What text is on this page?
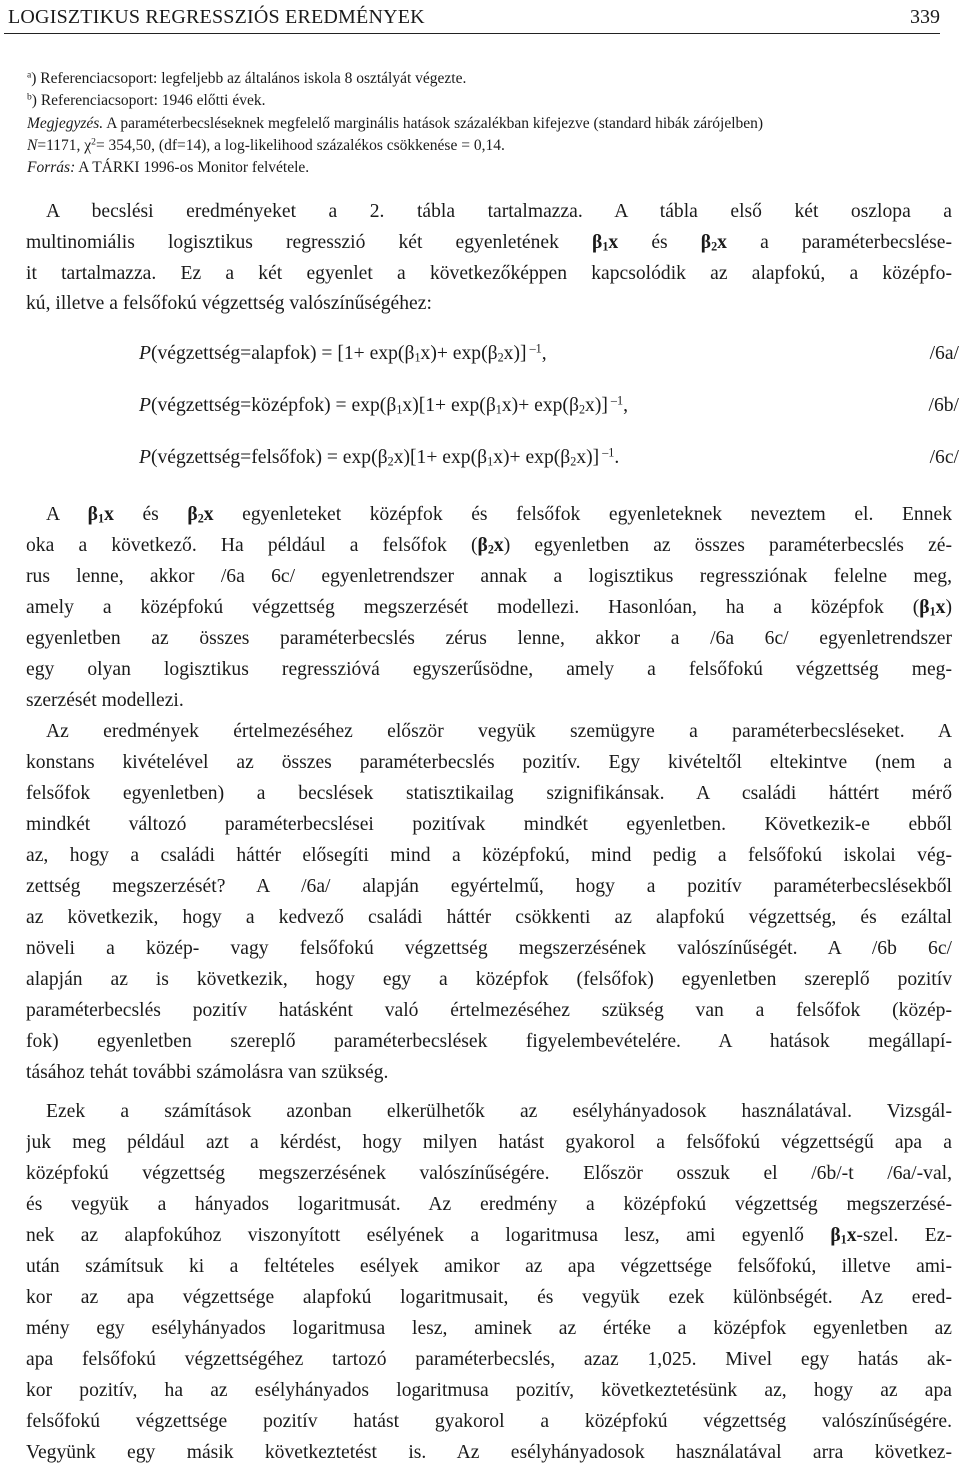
LOGISZTIKUS REGRESSZIÓS EREDMÉNYEK	339
$^a$) Referenciacsoport: legfeljebb az általános iskola 8 osztályát végezte.
$^b$) Referenciacsoport: 1946 előtti évek.
Megjegyzés. A paraméterbecsléseknek megfelelő marginális hatások százalékban kifejezve (standard hibák zárójelben)
N=1171, $\chi^2= 354,50$, (df=14), a log-likelihood százalékos csökkenése = 0,14.
Forrás: A TÁRKI 1996-os Monitor felvétele.
A becslési eredményeket a 2. tábla tartalmazza. A tábla első két oszlopa a
multinomiális logisztikus regresszió két egyenletének $\beta_1x$ és $\beta_2x$ a paraméterbecslése-
it tartalmazza. Ez a két egyenlet a következőképpen kapcsolódik az alapfokú, a középfo-
kú, illetve a felsőfokú végzettség valószínűségéhez:
P(végzettség=alapfok) = $[1+ \exp(\beta_1x)+ \exp(\beta_2x)]$ $^{-1}$,	/6a/
P(végzettség=középfok) = $\exp(\beta_1x)[1+ \exp(\beta_1x)+ \exp(\beta_2x)]$ $^{-1}$,	/6b/
P(végzettség=felsőfok) = $\exp(\beta_2x)[1+ \exp(\beta_1x)+ \exp(\beta_2x)]$ $^{-1}$.	/6c/
A $\beta_1x$ és $\beta_2x$ egyenleteket középfok és felsőfok egyenleteknek neveztem el. Ennek
oka a következő. Ha például a felsőfok $(\beta_2x)$ egyenletben az összes paraméterbecslés zé-
rus lenne, akkor /6a 6c/ egyenletrendszer annak a logisztikus regressziónak felelne meg,
amely a középfokú végzettség megszerzését modellezi. Hasonlóan, ha a középfok $(\beta_1x)$
egyenletben az összes paraméterbecslés zérus lenne, akkor a /6a 6c/ egyenletrendszer
egy olyan logisztikus regresszióvá egyszerűsödne, amely a felsőfokú végzettség meg-
szerzését modellezi.
Az eredmények értelmezéséhez először vegyük szemügyre a paraméterbecsléseket. A
konstans kivételével az összes paraméterbecslés pozitív. Egy kivételtől eltekintve (nem a
felsőfok egyenletben) a becslések statisztikailag szignifikánsak. A családi háttért mérő
mindkét változó paraméterbecslései pozitívak mindkét egyenletben. Következik-e ebből
az, hogy a családi háttér elősegíti mind a középfokú, mind pedig a felsőfokú iskolai vég-
zettség megszerzését? A /6a/ alapján egyértelmű, hogy a pozitív paraméterbecslésekből
az következik, hogy a kedvező családi háttér csökkenti az alapfokú végzettség, és ezáltal
növeli a közép- vagy felsőfokú végzettség megszerzésének valószínűségét. A /6b 6c/
alapján az is következik, hogy egy a középfok (felsőfok) egyenletben szereplő pozitív
paraméterbecslés pozitív hatásként való értelmezéséhez szükség van a felsőfok (közép-
fok) egyenletben szereplő paraméterbecslések figyelembevételére. A hatások megállapí-
tásához tehát további számolásra van szükség.
Ezek a számítások azonban elkerülhetők az esélyhányadosok használatával. Vizsgál-
juk meg például azt a kérdést, hogy milyen hatást gyakorol a felsőfokú végzettségű apa a
középfokú végzettség megszerzésének valószínűségére. Először osszuk el /6b/-t /6a/-val,
és vegyük a hányados logaritmusát. Az eredmény a középfokú végzettség megszerzésé-
nek az alapfokúhoz viszonyított esélyének a logaritmusa lesz, ami egyenlő $\beta_1x$-szel. Ez-
után számítsuk ki a feltételes esélyek amikor az apa végzettsége felsőfokú, illetve ami-
kor az apa végzettsége alapfokú logaritmusait, és vegyük ezek különbségét. Az ered-
mény egy esélyhányados logaritmusa lesz, aminek az értéke a középfok egyenletben az
apa felsőfokú végzettségéhez tartozó paraméterbecslés, azaz 1,025. Mivel egy hatás ak-
kor pozitív, ha az esélyhányados logaritmusa pozitív, következtetésünk az, hogy az apa
felsőfokú végzettsége pozitív hatást gyakorol a középfokú végzettség valószínűségére.
Vegyünk egy másik következtetést is. Az esélyhányadosok használatával arra következ-
